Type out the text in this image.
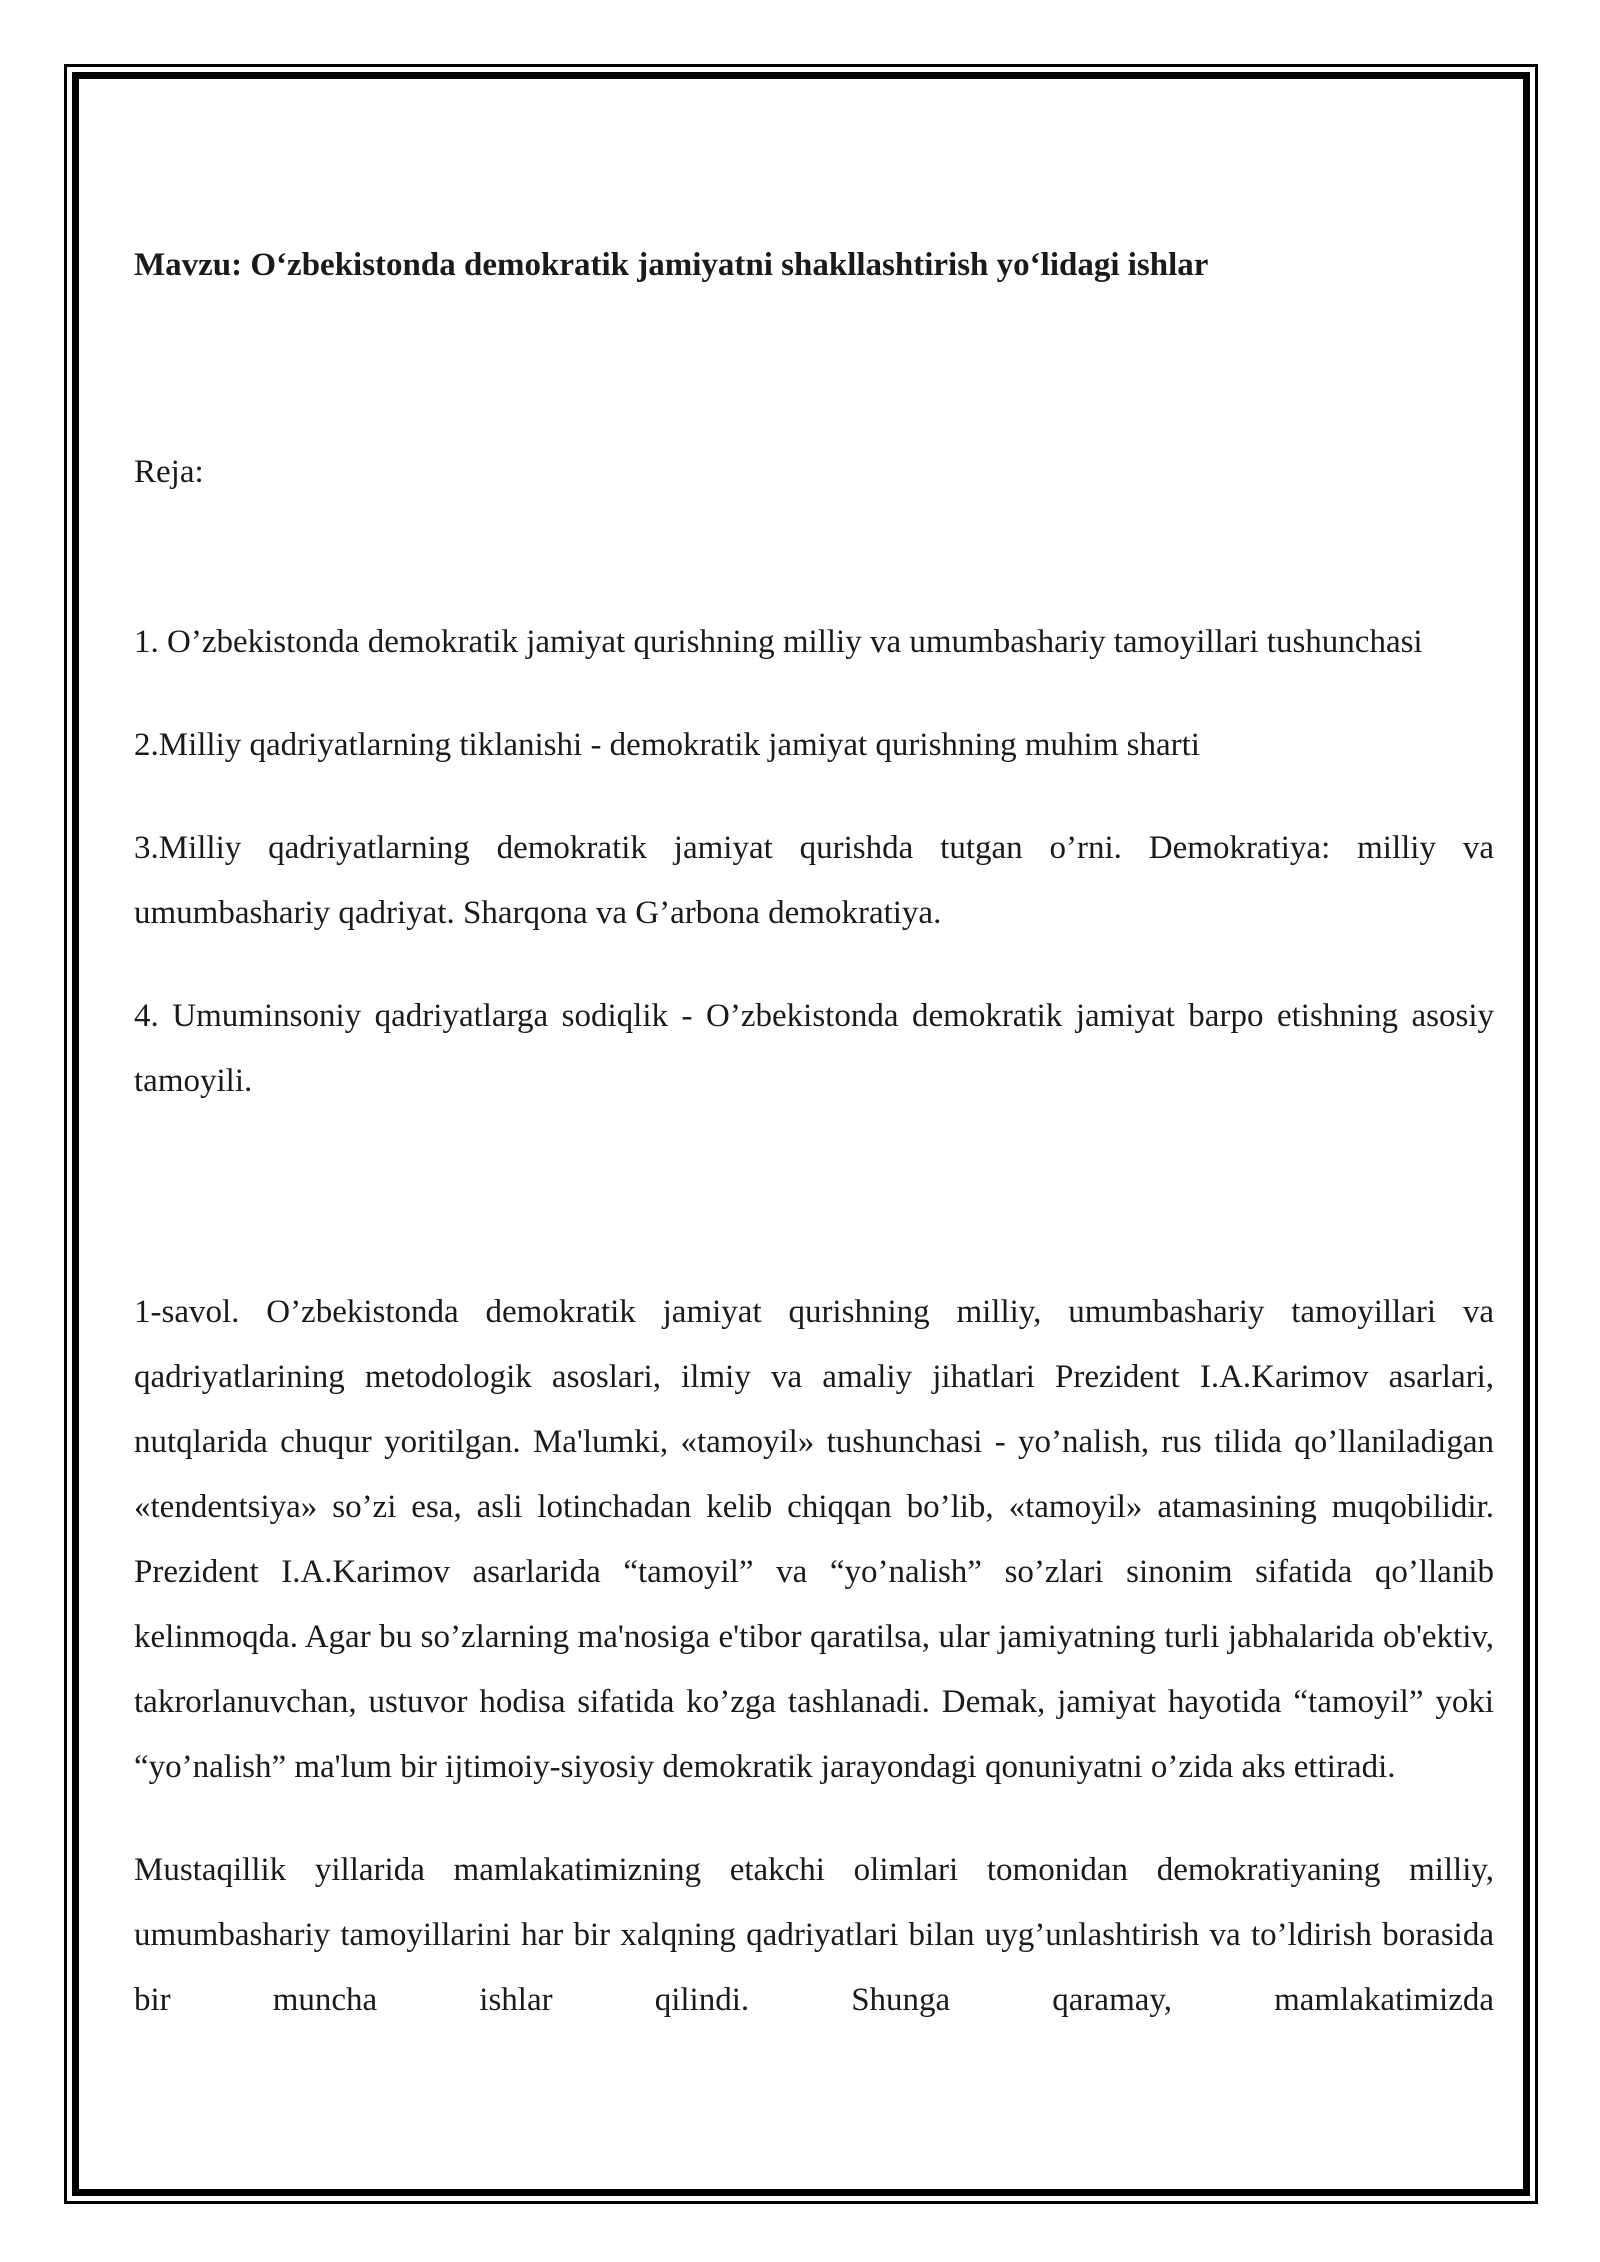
Mavzu: O‘zbekistonda demokratik jamiyatni shakllashtirish yo‘lidagi ishlar

Reja:

1. O’zbekistonda demokratik jamiyat qurishning milliy va umumbashariy tamoyillari tushunchasi
2.Milliy qadriyatlarning tiklanishi - demokratik jamiyat qurishning muhim sharti
3.Milliy qadriyatlarning demokratik jamiyat qurishda tutgan o’rni. Demokratiya: milliy va umumbashariy qadriyat. Sharqona va G’arbona demokratiya.
4. Umuminsoniy qadriyatlarga sodiqlik - O’zbekistonda demokratik jamiyat barpo etishning asosiy tamoyili.

1-savol. O’zbekistonda demokratik jamiyat qurishning milliy, umumbashariy tamoyillari va qadriyatlarining metodologik asoslari, ilmiy va amaliy jihatlari Prezident I.A.Karimov asarlari, nutqlarida chuqur yoritilgan. Ma'lumki, «tamoyil» tushunchasi - yo’nalish, rus tilida qo’llaniladigan «tendentsiya» so’zi esa, asli lotinchadan kelib chiqqan bo’lib, «tamoyil» atamasining muqobilidir. Prezident I.A.Karimov asarlarida “tamoyil” va “yo’nalish” so’zlari sinonim sifatida qo’llanib kelinmoqda. Agar bu so’zlarning ma'nosiga e'tibor qaratilsa, ular jamiyatning turli jabhalarida ob'ektiv, takrorlanuvchan, ustuvor hodisa sifatida ko’zga tashlanadi. Demak, jamiyat hayotida “tamoyil” yoki “yo’nalish” ma'lum bir ijtimoiy-siyosiy demokratik jarayondagi qonuniyatni o’zida aks ettiradi.

Mustaqillik yillarida mamlakatimizning etakchi olimlari tomonidan demokratiyaning milliy, umumbashariy tamoyillarini har bir xalqning qadriyatlari bilan uyg’unlashtirish va to’ldirish borasida bir muncha ishlar qilindi. Shunga qaramay, mamlakatimizda
